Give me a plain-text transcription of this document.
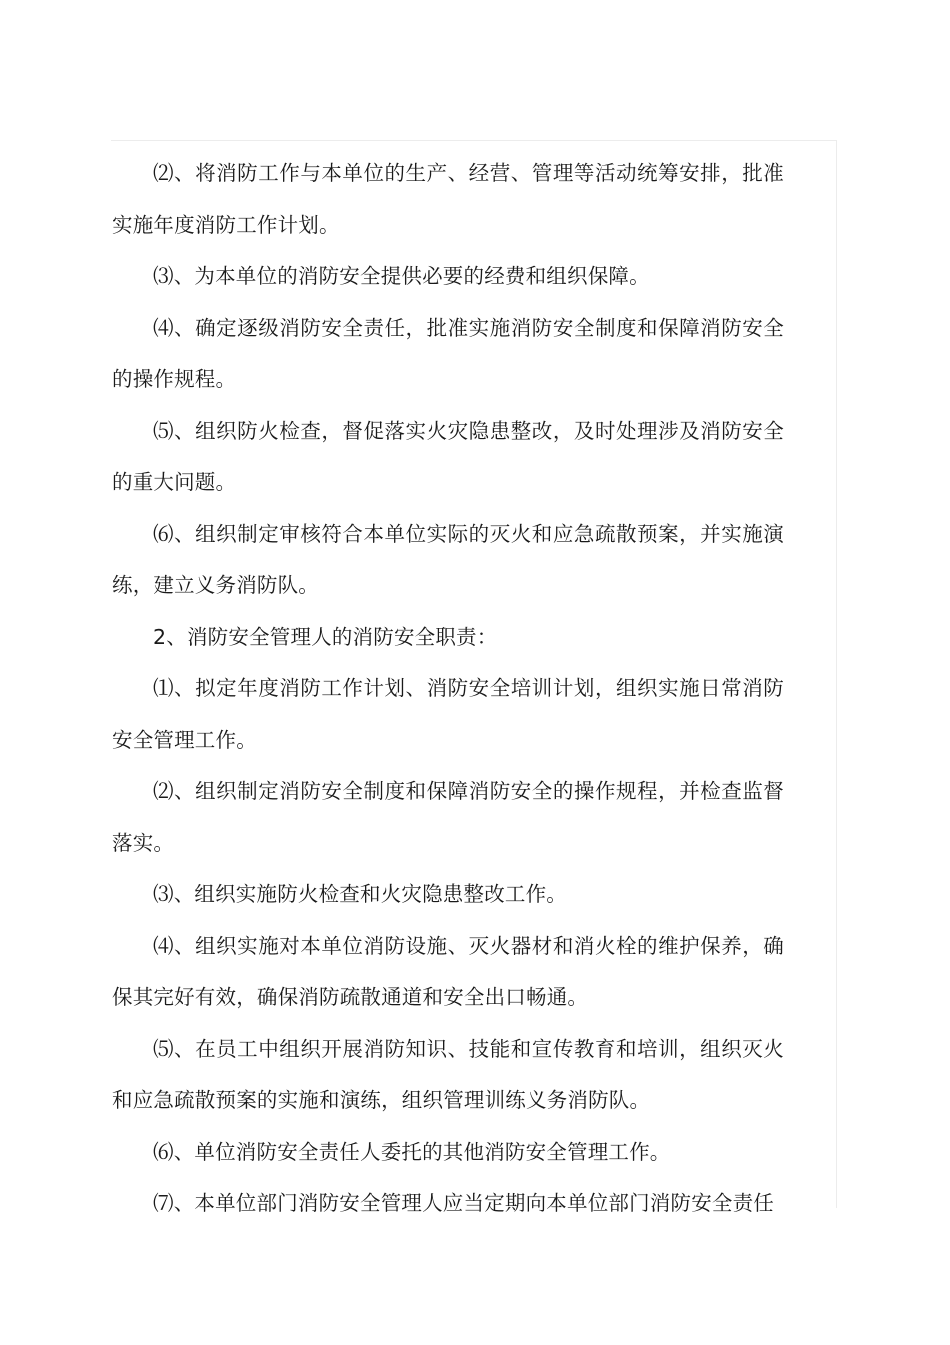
⑵、将消防工作与本单位的生产、经营、管理等活动统筹安排，批准实施年度消防工作计划。

⑶、为本单位的消防安全提供必要的经费和组织保障。

⑷、确定逐级消防安全责任，批准实施消防安全制度和保障消防安全的操作规程。

⑸、组织防火检查，督促落实火灾隐患整改，及时处理涉及消防安全的重大问题。

⑹、组织制定审核符合本单位实际的灭火和应急疏散预案，并实施演练，建立义务消防队。

2、消防安全管理人的消防安全职责：

⑴、拟定年度消防工作计划、消防安全培训计划，组织实施日常消防安全管理工作。

⑵、组织制定消防安全制度和保障消防安全的操作规程，并检查监督落实。

⑶、组织实施防火检查和火灾隐患整改工作。

⑷、组织实施对本单位消防设施、灭火器材和消火栓的维护保养，确保其完好有效，确保消防疏散通道和安全出口畅通。

⑸、在员工中组织开展消防知识、技能和宣传教育和培训，组织灭火和应急疏散预案的实施和演练，组织管理训练义务消防队。

⑹、单位消防安全责任人委托的其他消防安全管理工作。

⑺、本单位部门消防安全管理人应当定期向本单位部门消防安全责任
